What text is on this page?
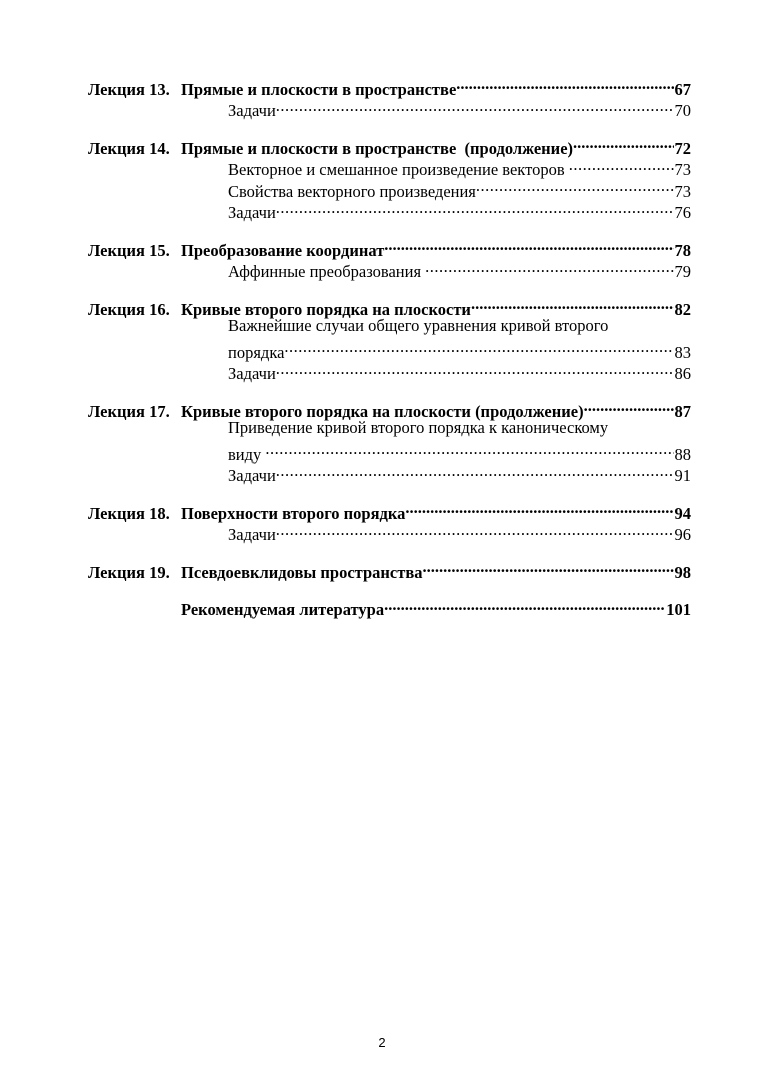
Лекция 13. Прямые и плоскости в пространстве .....	67
Задачи .....	70
Лекция 14. Прямые и плоскости в пространстве  (продолжение) .....	72
Векторное и смешанное произведение векторов .....	73
Свойства векторного произведения .....	73
Задачи .....	76
Лекция 15. Преобразование координат .....	78
Аффинные преобразования .....	79
Лекция 16. Кривые второго порядка на плоскости .....	82
Важнейшие случаи общего уравнения кривой второго
порядка .....	83
Задачи .....	86
Лекция 17. Кривые второго порядка на плоскости (продолжение) .....	87
Приведение кривой второго порядка к каноническому
виду .....	88
Задачи .....	91
Лекция 18. Поверхности второго порядка .....	94
Задачи .....	96
Лекция 19. Псевдоевклидовы пространства .....	98
Рекомендуемая литература .....	101
2
